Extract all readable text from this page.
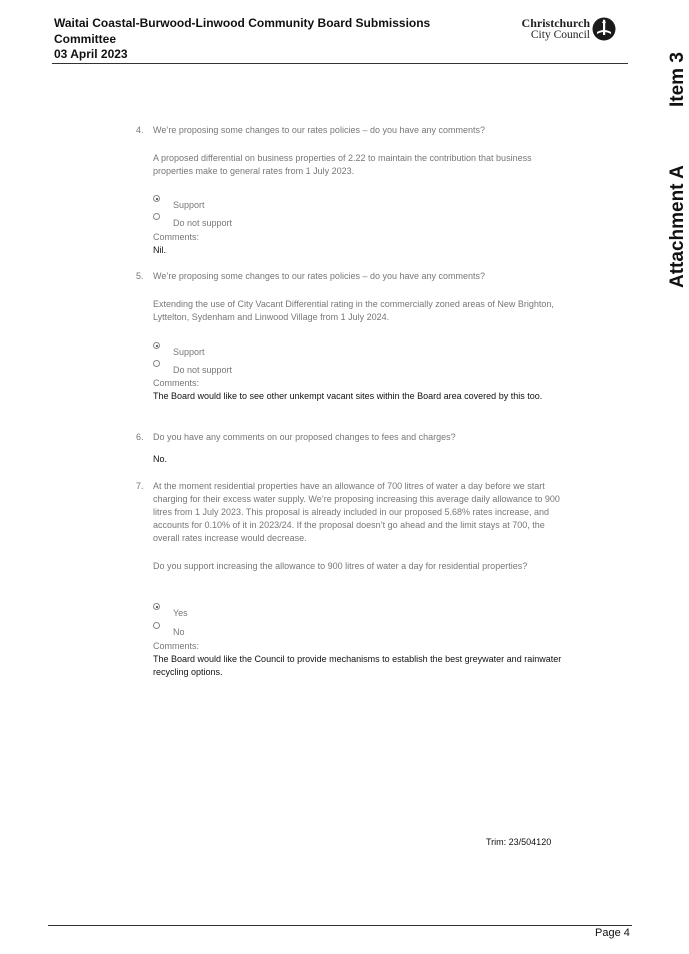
Waitai Coastal-Burwood-Linwood Community Board Submissions
Committee
03 April 2023
Christchurch
City Council
Attachment A
Item 3
4. We’re proposing some changes to our rates policies – do you have any comments?
A proposed differential on business properties of 2.22 to maintain the contribution that business properties make to general rates from 1 July 2023.
Support
Do not support
Comments:
Nil.
5. We’re proposing some changes to our rates policies – do you have any comments?
Extending the use of City Vacant Differential rating in the commercially zoned areas of New Brighton, Lyttelton, Sydenham and Linwood Village from 1 July 2024.
Support
Do not support
Comments:
The Board would like to see other unkempt vacant sites within the Board area covered by this too.
6. Do you have any comments on our proposed changes to fees and charges?
No.
7. At the moment residential properties have an allowance of 700 litres of water a day before we start charging for their excess water supply. We’re proposing increasing this average daily allowance to 900 litres from 1 July 2023. This proposal is already included in our proposed 5.68% rates increase, and accounts for 0.10% of it in 2023/24. If the proposal doesn’t go ahead and the limit stays at 700, the overall rates increase would decrease.
Do you support increasing the allowance to 900 litres of water a day for residential properties?
Yes
No
Comments:
The Board would like the Council to provide mechanisms to establish the best greywater and rainwater recycling options.
Trim: 23/504120
Page 4
